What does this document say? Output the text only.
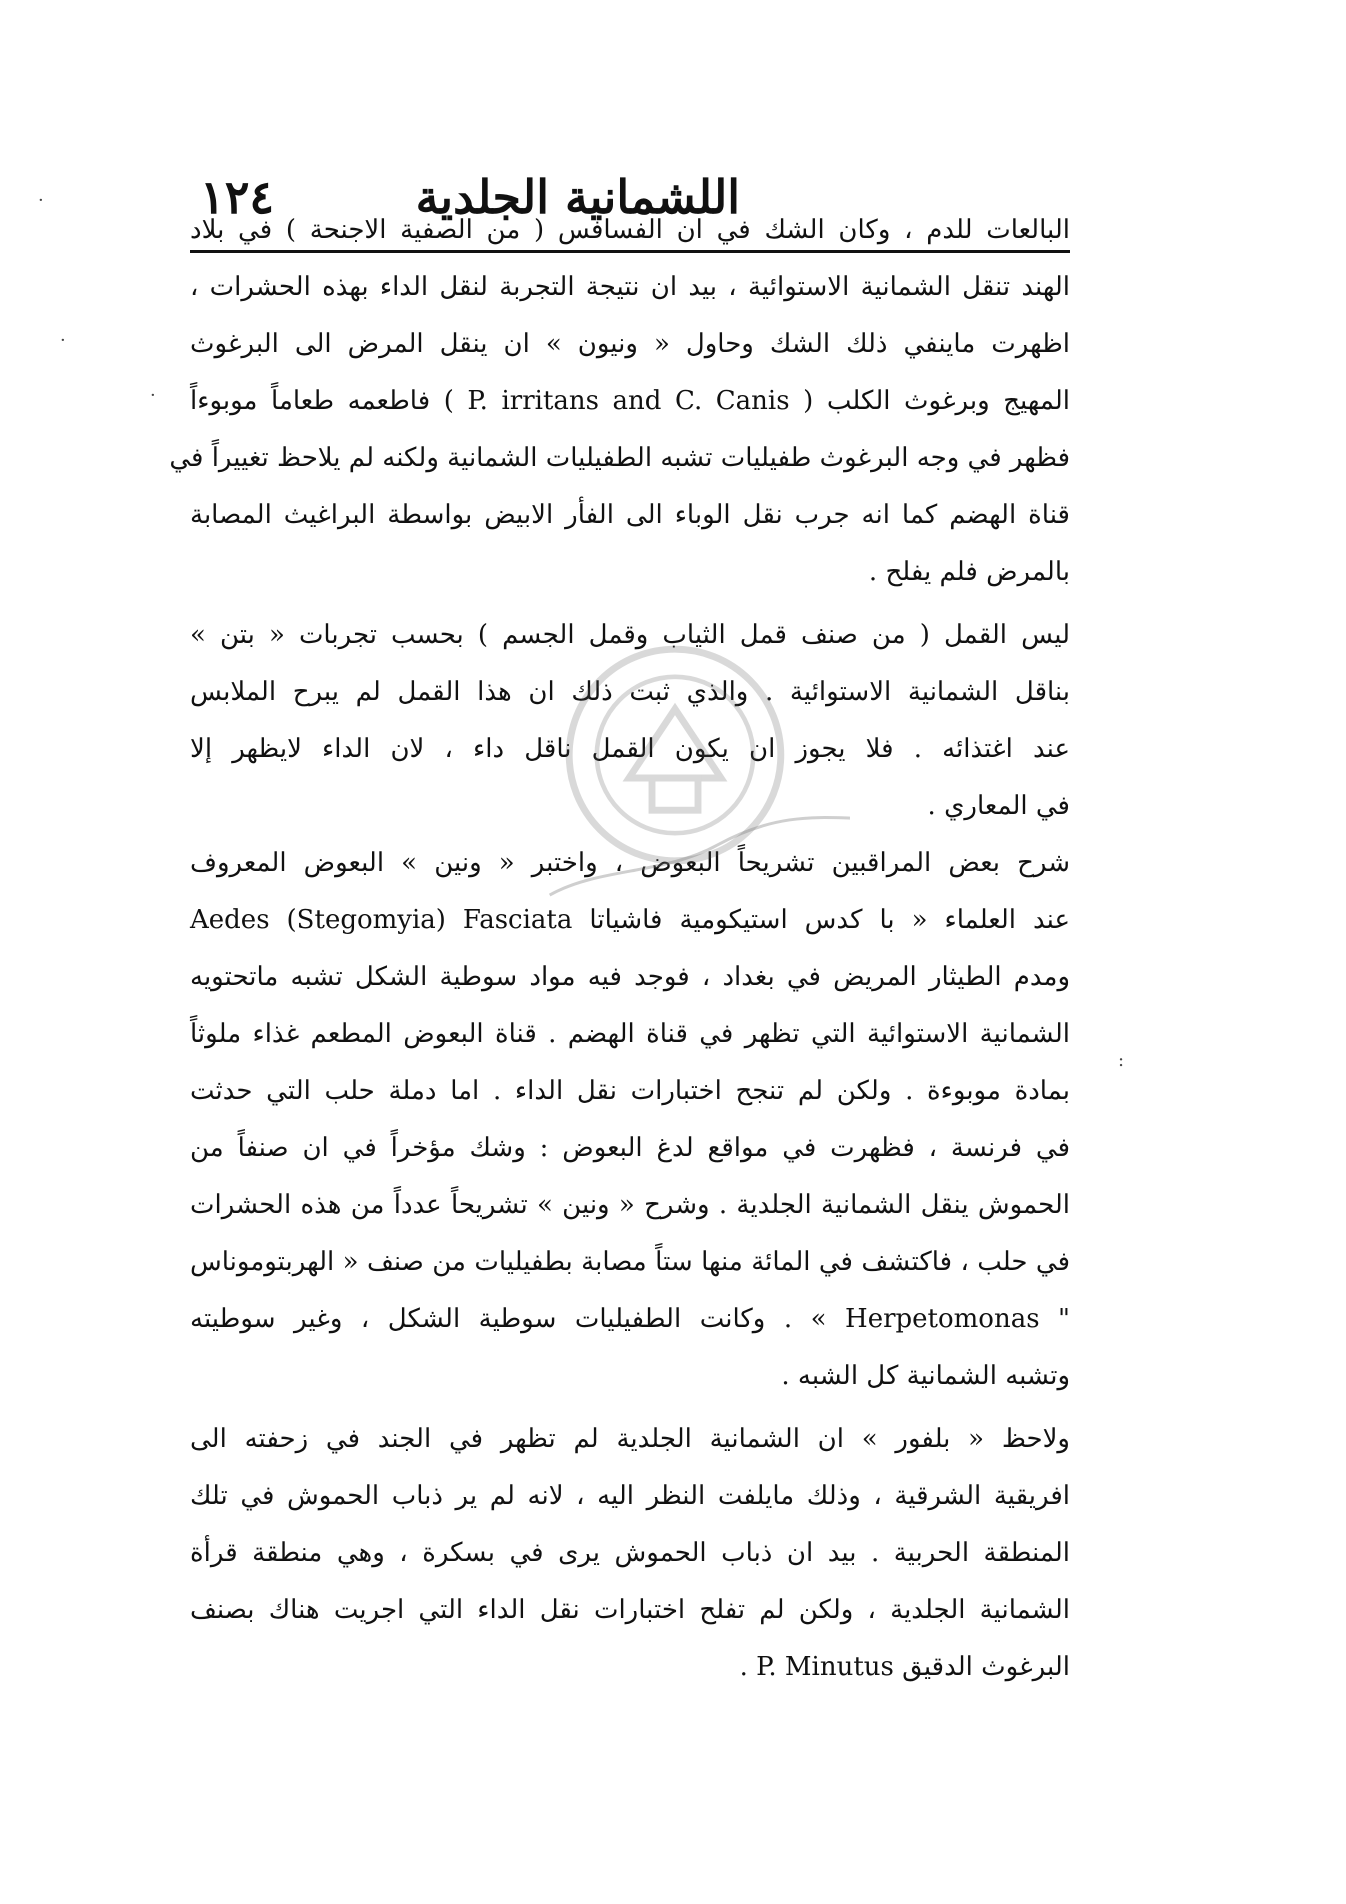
اللشمانية الجلدية
١٢٤
البالعات للدم ، وكان الشك في ان الفسافس ( من الصفية الاجنحة ) في بلاد
الهند تنقل الشمانية الاستوائية ، بيد ان نتيجة التجربة لنقل الداء بهذه الحشرات ،
اظهرت ماينفي ذلك الشك وحاول « ونيون » ان ينقل المرض الى البرغوث
المهيج وبرغوث الكلب ( P. irritans and C. Canis ) فاطعمه طعاماً موبوءاً
فظهر في وجه البرغوث طفيليات تشبه الطفيليات الشمانية ولكنه لم يلاحظ تغييراً في
قناة الهضم كما انه جرب نقل الوباء الى الفأر الابيض بواسطة البراغيث المصابة
بالمرض فلم يفلح .
ليس القمل ( من صنف قمل الثياب وقمل الجسم ) بحسب تجربات « بتن »
بناقل الشمانية الاستوائية . والذي ثبت ذلك ان هذا القمل لم يبرح الملابس
عند اغتذائه . فلا يجوز ان يكون القمل ناقل داء ، لان الداء لايظهر إلا
في المعاري .
شرح بعض المراقبين تشريحاً البعوض ، واختبر « ونين » البعوض المعروف
عند العلماء « با كدس استيكومية فاشياتا Aedes (Stegomyia) Fasciata
ومدم الطيثار المريض في بغداد ، فوجد فيه مواد سوطية الشكل تشبه ماتحتويه
الشمانية الاستوائية التي تظهر في قناة الهضم . قناة البعوض المطعم غذاء ملوثاً
بمادة موبوءة . ولكن لم تنجح اختبارات نقل الداء . اما دملة حلب التي حدثت
في فرنسة ، فظهرت في مواقع لدغ البعوض : وشك مؤخراً في ان صنفاً من
الحموش ينقل الشمانية الجلدية . وشرح « ونين » تشريحاً عدداً من هذه الحشرات
في حلب ، فاكتشف في المائة منها ستاً مصابة بطفيليات من صنف « الهربتوموناس
Herpetomonas " » . وكانت الطفيليات سوطية الشكل ، وغير سوطيته
وتشبه الشمانية كل الشبه .
ولاحظ « بلفور » ان الشمانية الجلدية لم تظهر في الجند في زحفته الى
افريقية الشرقية ، وذلك مايلفت النظر اليه ، لانه لم ير ذباب الحموش في تلك
المنطقة الحربية . بيد ان ذباب الحموش يرى في بسكرة ، وهي منطقة قرأة
الشمانية الجلدية ، ولكن لم تفلح اختبارات نقل الداء التي اجريت هناك بصنف
البرغوث الدقيق P. Minutus .
·
·
·
:
